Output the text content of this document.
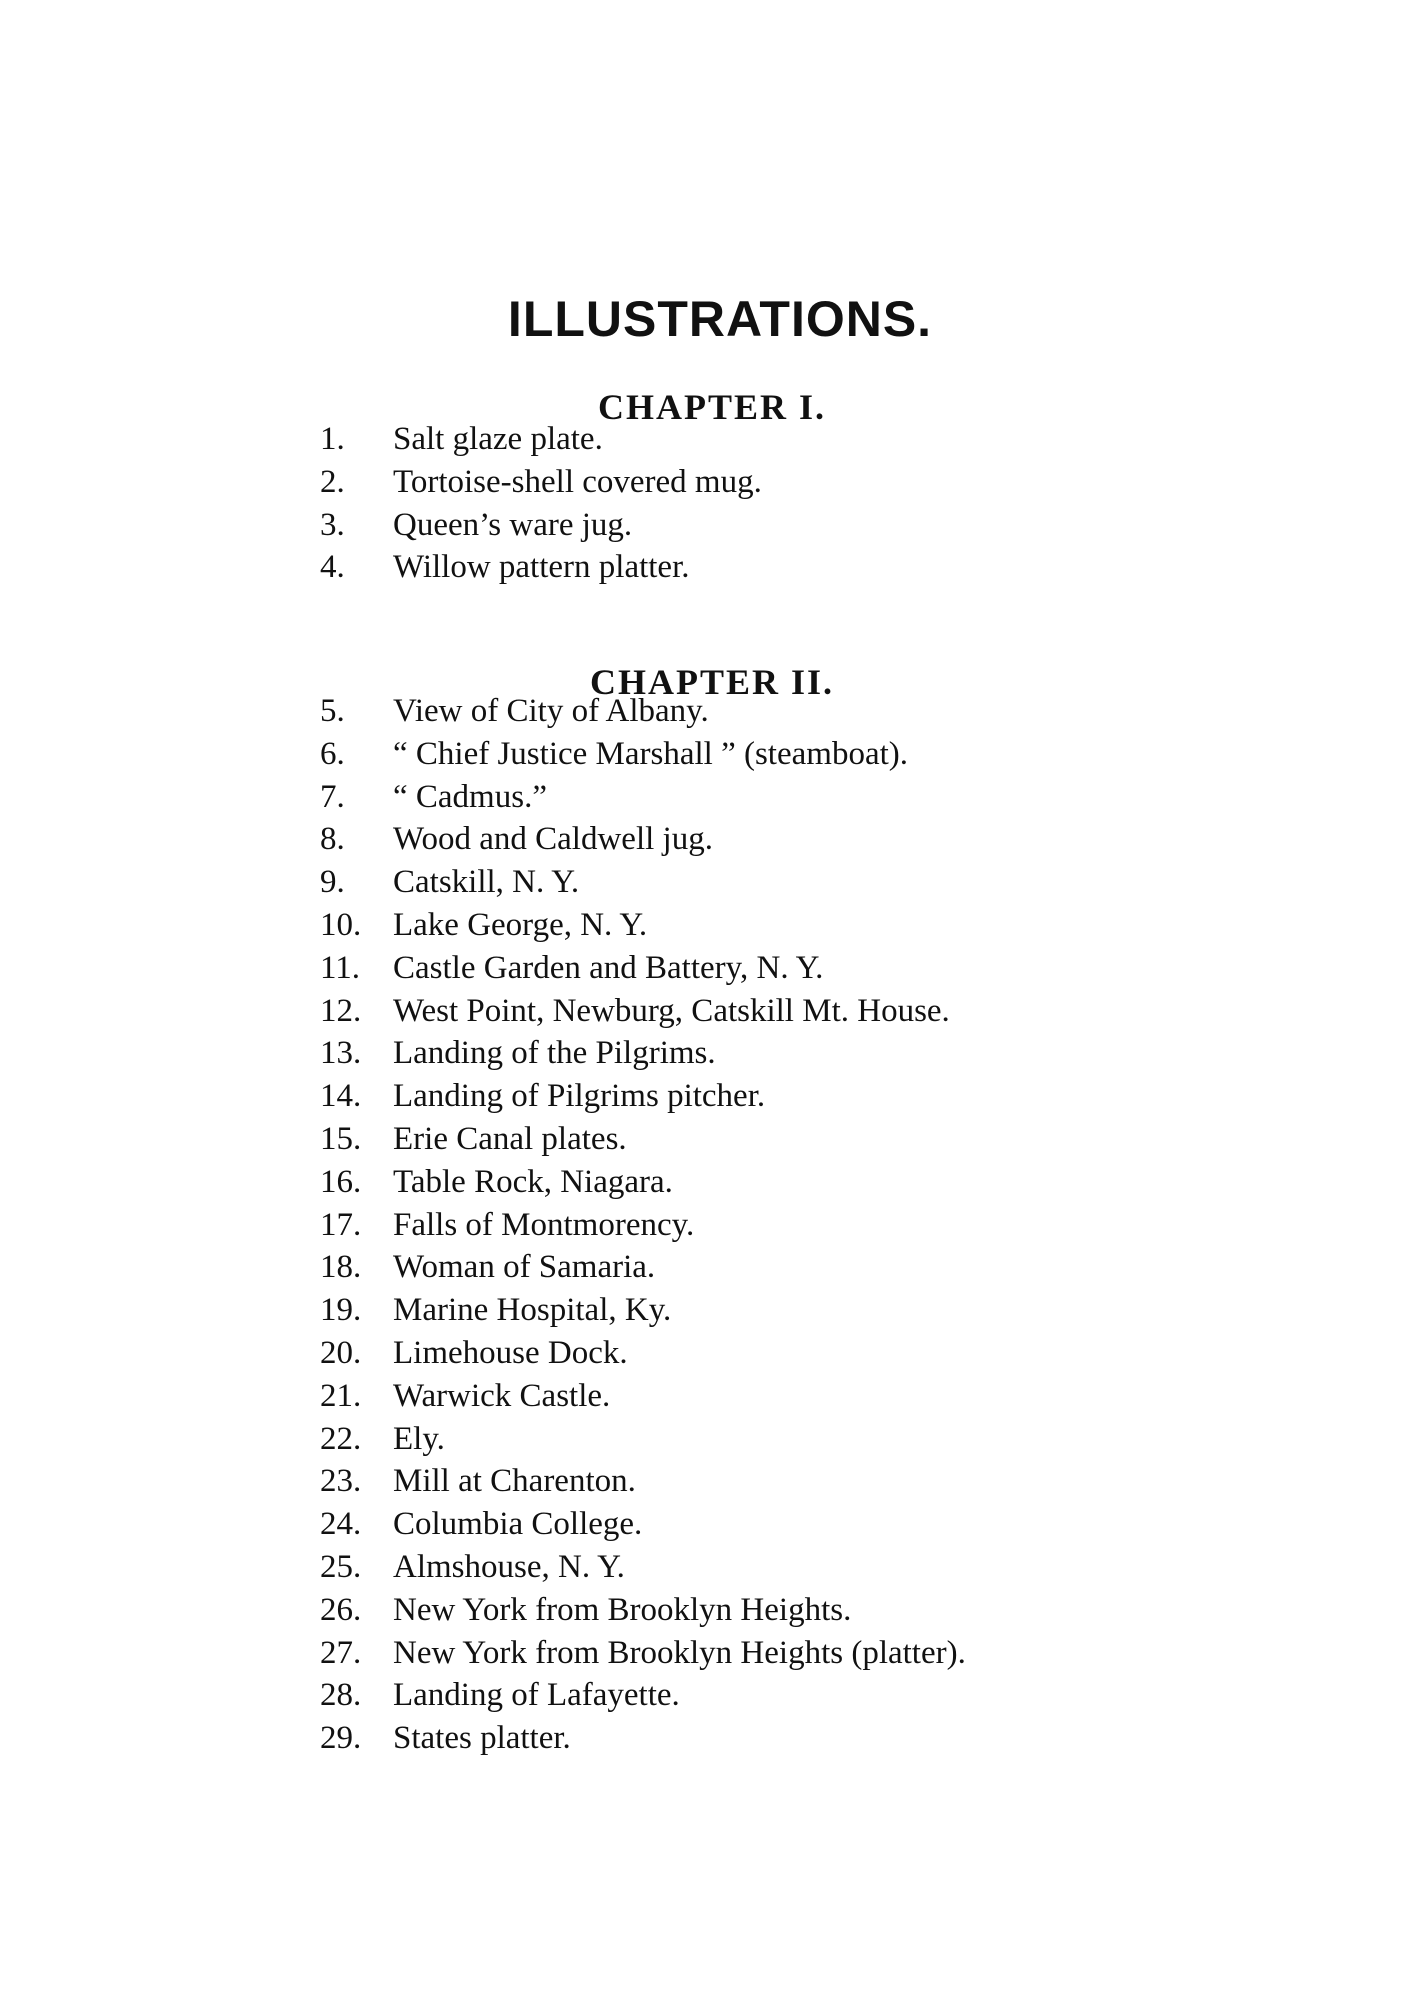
ILLUSTRATIONS.
CHAPTER I.
1.	Salt glaze plate.
2.	Tortoise-shell covered mug.
3.	Queen’s ware jug.
4.	Willow pattern platter.
CHAPTER II.
5.	View of City of Albany.
6.	“ Chief Justice Marshall ” (steamboat).
7.	“ Cadmus.”
8.	Wood and Caldwell jug.
9.	Catskill, N. Y.
10. Lake George, N. Y.
11. Castle Garden and Battery, N. Y.
12. West Point, Newburg, Catskill Mt. House.
13. Landing of the Pilgrims.
14. Landing of Pilgrims pitcher.
15. Erie Canal plates.
16. Table Rock, Niagara.
17. Falls of Montmorency.
18. Woman of Samaria.
19. Marine Hospital, Ky.
20. Limehouse Dock.
21. Warwick Castle.
22. Ely.
23. Mill at Charenton.
24. Columbia College.
25. Almshouse, N. Y.
26. New York from Brooklyn Heights.
27. New York from Brooklyn Heights (platter).
28. Landing of Lafayette.
29. States platter.
